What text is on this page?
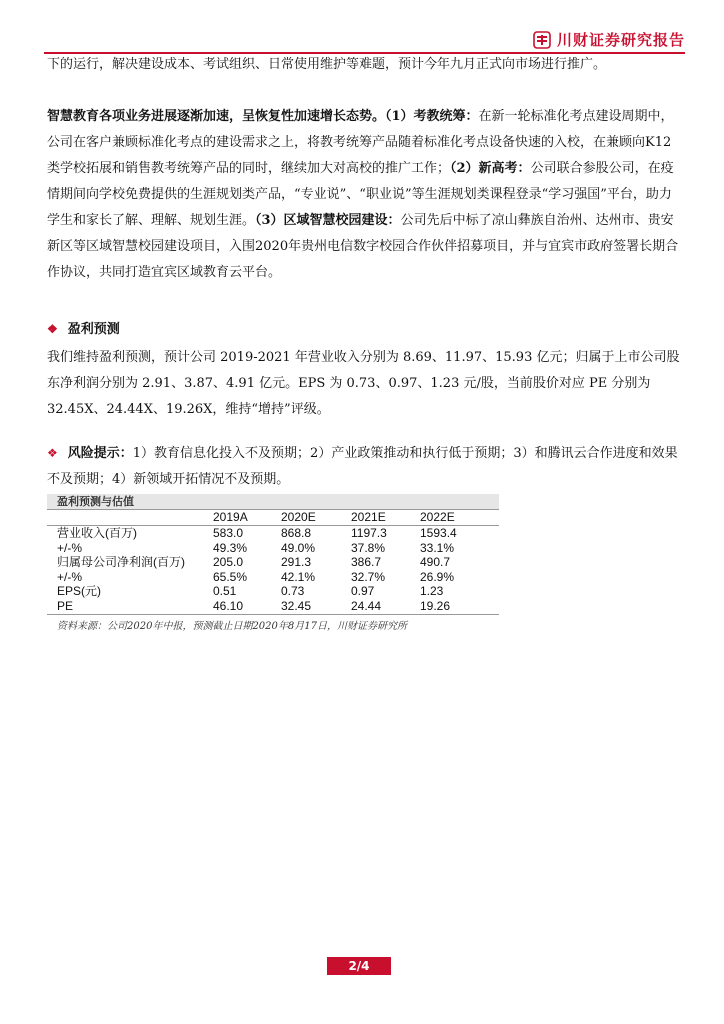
川财证券研究报告
下的运行，解决建设成本、考试组织、日常使用维护等难题，预计今年九月正式向市场进行推广。
智慧教育各项业务进展逐渐加速，呈恢复性加速增长态势。（1）考教统筹：在新一轮标准化考点建设周期中，公司在客户兼顾标准化考点的建设需求之上，将教考统筹产品随着标准化考点设备快速的入校，在兼顾向K12类学校拓展和销售教考统筹产品的同时，继续加大对高校的推广工作；（2）新高考：公司联合参股公司，在疫情期间向学校免费提供的生涯规划类产品，“专业说”、“职业说”等生涯规划类课程登录“学习强国”平台，助力学生和家长了解、理解、规划生涯。（3）区域智慧校园建设：公司先后中标了凉山彝族自治州、达州市、贵安新区等区域智慧校园建设项目，入围2020年贵州电信数字校园合作伙伴招募项目，并与宜宾市政府签署长期合作协议，共同打造宜宾区域教育云平台。
❖ 盈利预测
我们维持盈利预测，预计公司 2019-2021 年营业收入分别为 8.69、11.97、15.93 亿元；归属于上市公司股东净利润分别为 2.91、3.87、4.91 亿元。EPS 为 0.73、0.97、1.23 元/股，当前股价对应 PE 分别为 32.45X、24.44X、19.26X，维持“增持”评级。
❖ 风险提示：1）教育信息化投入不及预期；2）产业政策推动和执行低于预期；3）和腾讯云合作进度和效果不及预期；4）新领域开拓情况不及预期。
盈利预测与估值
2019A	2020E	2021E	2022E
营业收入(百万)	583.0	868.8	1197.3	1593.4
+/-%	49.3%	49.0%	37.8%	33.1%
归属母公司净利润(百万) 205.0	291.3	386.7	490.7
+/-%	65.5%	42.1%	32.7%	26.9%
EPS(元)	0.51	0.73	0.97	1.23
PE	46.10	32.45	24.44	19.26
资料来源：公司2020年中报，预测截止日期2020年8月17日，川财证券研究所
2/4
